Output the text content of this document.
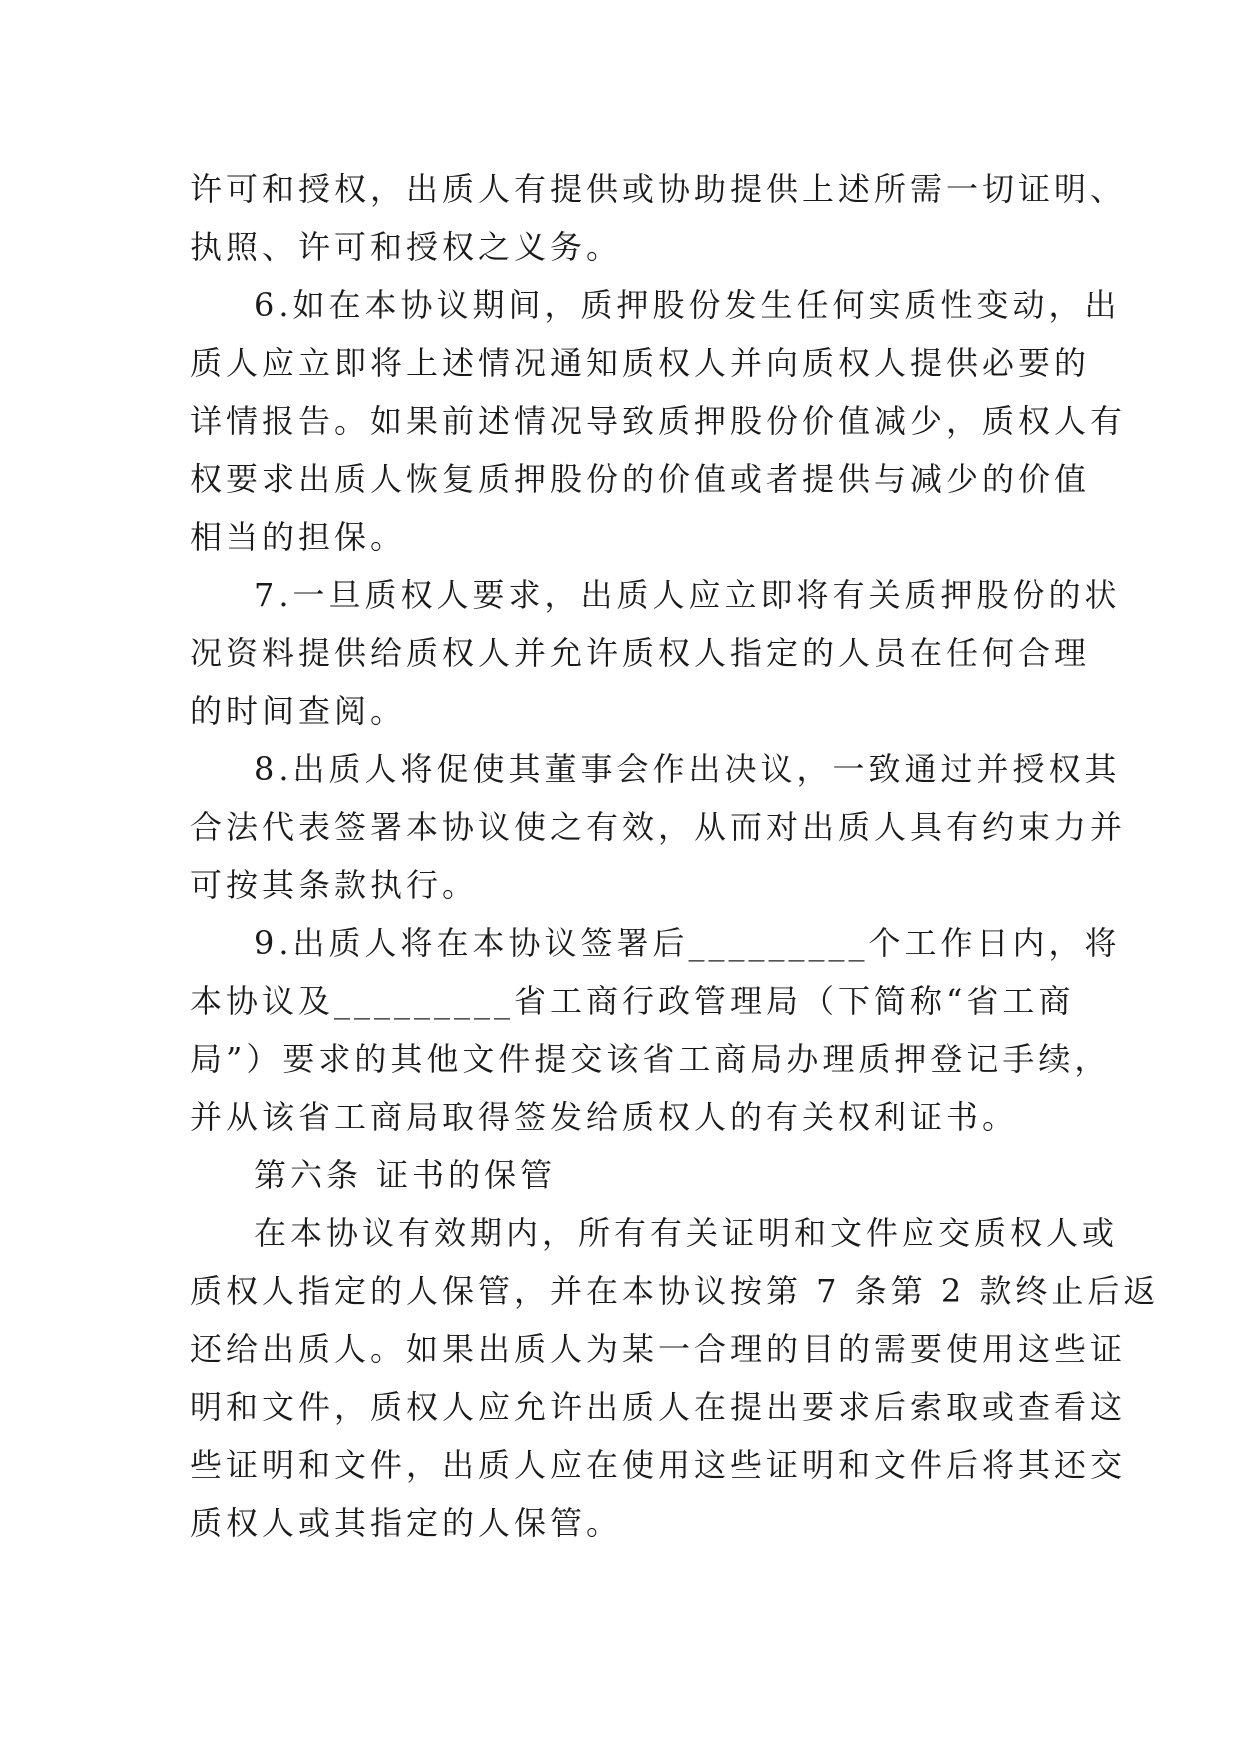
许可和授权，出质人有提供或协助提供上述所需一切证明、
执照、许可和授权之义务。
6.如在本协议期间，质押股份发生任何实质性变动，出
质人应立即将上述情况通知质权人并向质权人提供必要的
详情报告。如果前述情况导致质押股份价值减少，质权人有
权要求出质人恢复质押股份的价值或者提供与减少的价值
相当的担保。
7.一旦质权人要求，出质人应立即将有关质押股份的状
况资料提供给质权人并允许质权人指定的人员在任何合理
的时间查阅。
8.出质人将促使其董事会作出决议，一致通过并授权其
合法代表签署本协议使之有效，从而对出质人具有约束力并
可按其条款执行。
9.出质人将在本协议签署后_________个工作日内，将
本协议及_________省工商行政管理局（下简称“省工商
局”）要求的其他文件提交该省工商局办理质押登记手续，
并从该省工商局取得签发给质权人的有关权利证书。
第六条 证书的保管
在本协议有效期内，所有有关证明和文件应交质权人或
质权人指定的人保管，并在本协议按第 7 条第 2 款终止后返
还给出质人。如果出质人为某一合理的目的需要使用这些证
明和文件，质权人应允许出质人在提出要求后索取或查看这
些证明和文件，出质人应在使用这些证明和文件后将其还交
质权人或其指定的人保管。
